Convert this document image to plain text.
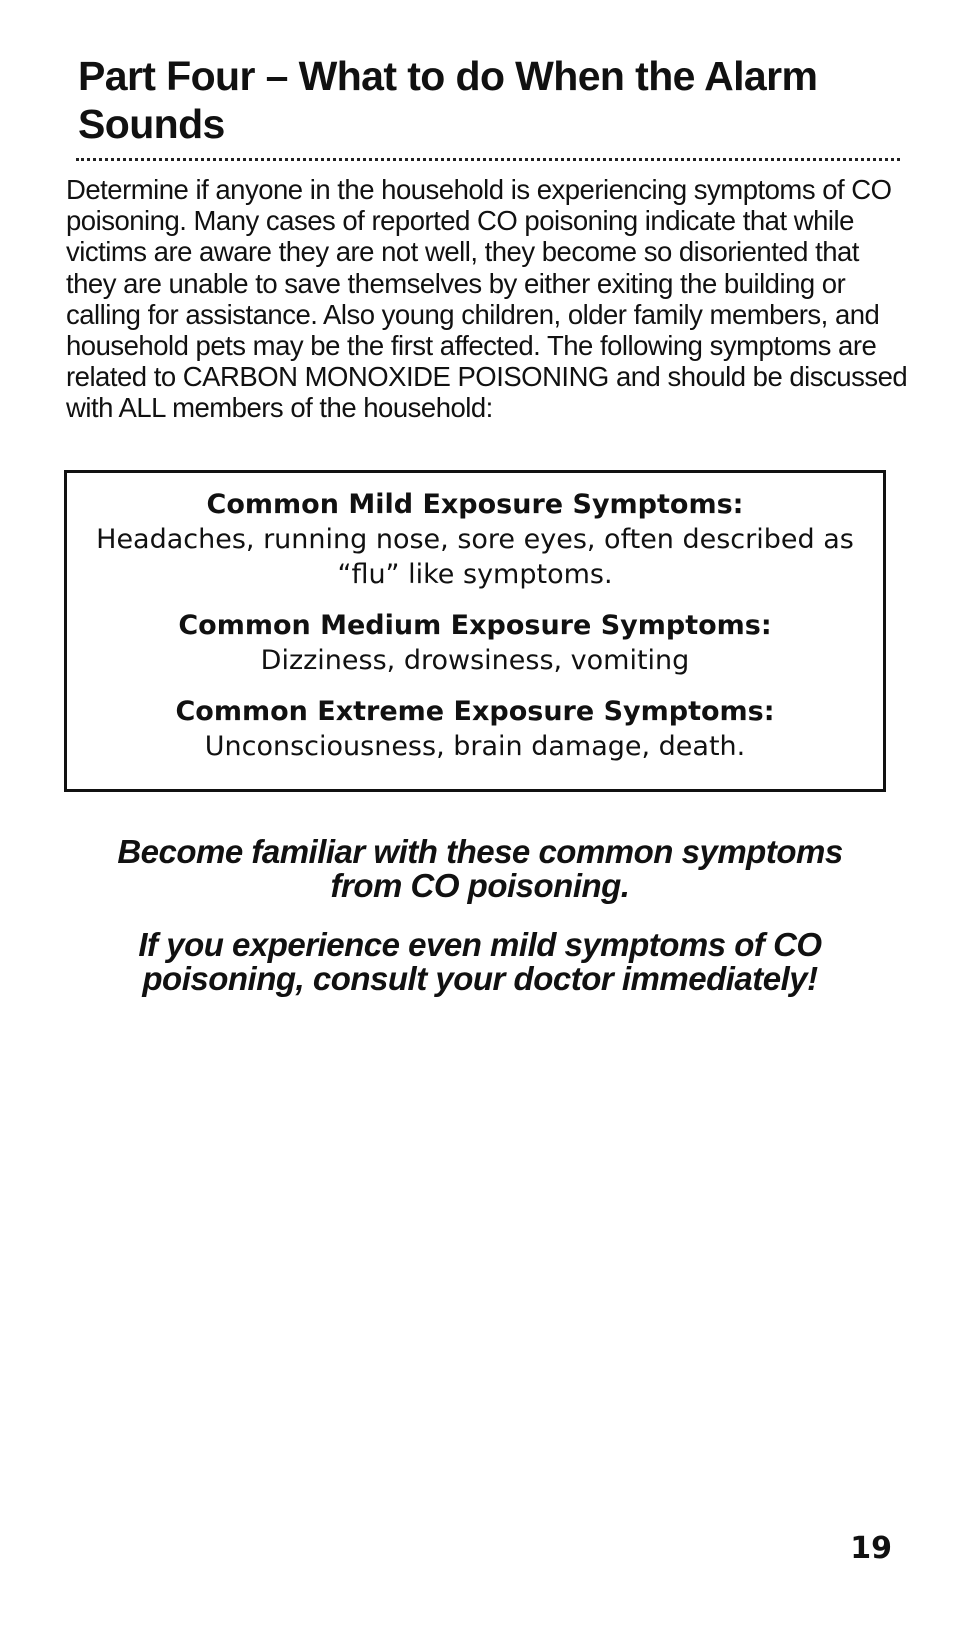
Part Four – What to do When the Alarm Sounds

Determine if anyone in the household is experiencing symptoms of CO poisoning. Many cases of reported CO poisoning indicate that while victims are aware they are not well, they become so disoriented that they are unable to save themselves by either exiting the building or calling for assistance. Also young children, older family members, and household pets may be the first affected. The following symptoms are related to CARBON MONOXIDE POISONING and should be discussed with ALL members of the household:

Common Mild Exposure Symptoms:
Headaches, running nose, sore eyes, often described as “flu” like symptoms.
Common Medium Exposure Symptoms:
Dizziness, drowsiness, vomiting
Common Extreme Exposure Symptoms:
Unconsciousness, brain damage, death.

Become familiar with these common symptoms from CO poisoning.

If you experience even mild symptoms of CO poisoning, consult your doctor immediately!

19
